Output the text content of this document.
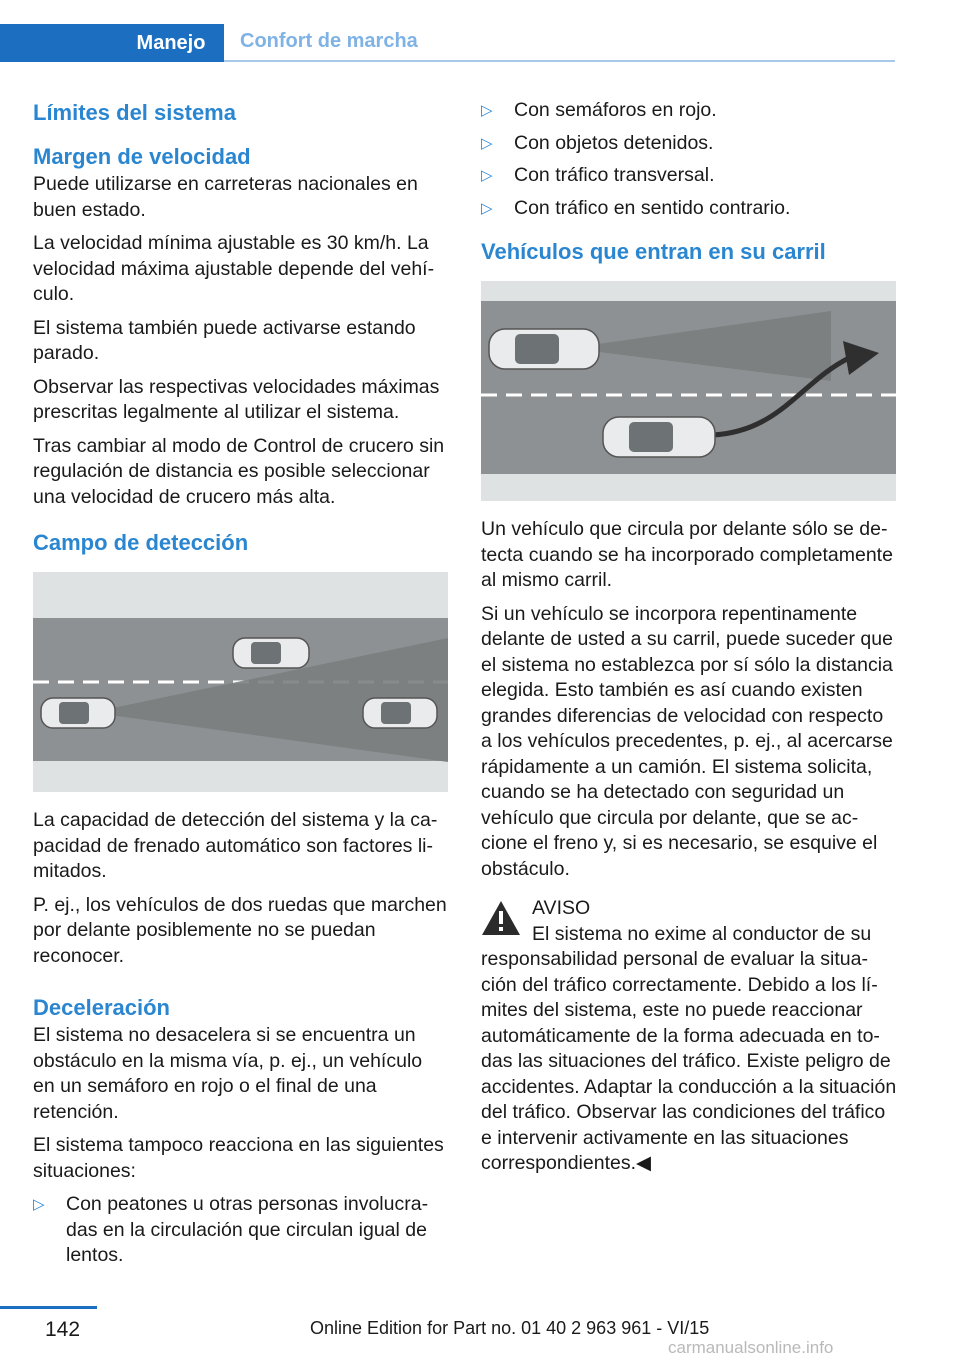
Manejo	Confort de marcha
Límites del sistema
Margen de velocidad

Puede utilizarse en carreteras nacionales en buen estado.

La velocidad mínima ajustable es 30 km/h. La velocidad máxima ajustable depende del vehículo.

El sistema también puede activarse estando parado.

Observar las respectivas velocidades máximas prescritas legalmente al utilizar el sistema.

Tras cambiar al modo de Control de crucero sin regulación de distancia es posible seleccionar una velocidad de crucero más alta.

Campo de detección

La capacidad de detección del sistema y la capacidad de frenado automático son factores limitados.

P. ej., los vehículos de dos ruedas que marchen por delante posiblemente no se puedan reconocer.

Deceleración

El sistema no desacelera si se encuentra un obstáculo en la misma vía, p. ej., un vehículo en un semáforo en rojo o el final de una retención.

El sistema tampoco reacciona en las siguientes situaciones:

▷ Con peatones u otras personas involucradas en la circulación que circulan igual de lentos.
▷ Con semáforos en rojo.
▷ Con objetos detenidos.
▷ Con tráfico transversal.
▷ Con tráfico en sentido contrario.
Vehículos que entran en su carril

Un vehículo que circula por delante sólo se detecta cuando se ha incorporado completamente al mismo carril.

Si un vehículo se incorpora repentinamente delante de usted a su carril, puede suceder que el sistema no establezca por sí sólo la distancia elegida. Esto también es así cuando existen grandes diferencias de velocidad con respecto a los vehículos precedentes, p. ej., al acercarse rápidamente a un camión. El sistema solicita, cuando se ha detectado con seguridad un vehículo que circula por delante, que se accione el freno y, si es necesario, se esquive el obstáculo.

AVISO

El sistema no exime al conductor de su

responsabilidad personal de evaluar la situación del tráfico correctamente. Debido a los límites del sistema, este no puede reaccionar automáticamente de la forma adecuada en todas las situaciones del tráfico. Existe peligro de accidentes. Adaptar la conducción a la situación del tráfico. Observar las condiciones del tráfico e intervenir activamente en las situaciones correspondientes.◀

142	Online Edition for Part no. 01 40 2 963 961 - VI/15
carmanualsonline.info
